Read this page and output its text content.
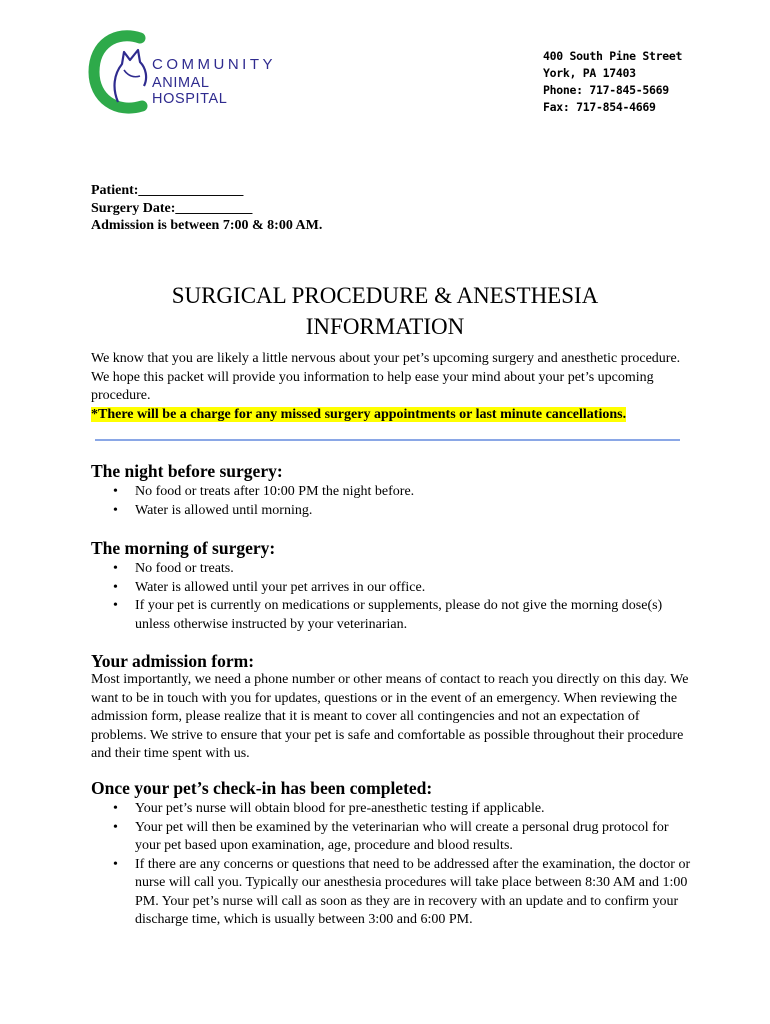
COMMUNITY
ANIMAL HOSPITAL
400 South Pine Street
York, PA 17403
Phone: 717-845-5669
Fax: 717-854-4669
Patient:_______________
Surgery Date:___________
Admission is between 7:00 & 8:00 AM.
SURGICAL PROCEDURE & ANESTHESIA
INFORMATION
We know that you are likely a little nervous about your pet’s upcoming surgery and anesthetic procedure. We hope this packet will provide you information to help ease your mind about your pet’s upcoming procedure.
*There will be a charge for any missed surgery appointments or last minute cancellations.
The night before surgery:
• No food or treats after 10:00 PM the night before.
• Water is allowed until morning.
The morning of surgery:
• No food or treats.
• Water is allowed until your pet arrives in our office.
• If your pet is currently on medications or supplements, please do not give the morning dose(s) unless otherwise instructed by your veterinarian.
Your admission form:

Most importantly, we need a phone number or other means of contact to reach you directly on this day. We want to be in touch with you for updates, questions or in the event of an emergency. When reviewing the admission form, please realize that it is meant to cover all contingencies and not an expectation of problems. We strive to ensure that your pet is safe and comfortable as possible throughout their procedure and their time spent with us.

Once your pet’s check-in has been completed:
• Your pet’s nurse will obtain blood for pre-anesthetic testing if applicable.
• Your pet will then be examined by the veterinarian who will create a personal drug protocol for your pet based upon examination, age, procedure and blood results.
• If there are any concerns or questions that need to be addressed after the examination, the doctor or nurse will call you. Typically our anesthesia procedures will take place between 8:30 AM and 1:00 PM. Your pet’s nurse will call as soon as they are in recovery with an update and to confirm your discharge time, which is usually between 3:00 and 6:00 PM.
